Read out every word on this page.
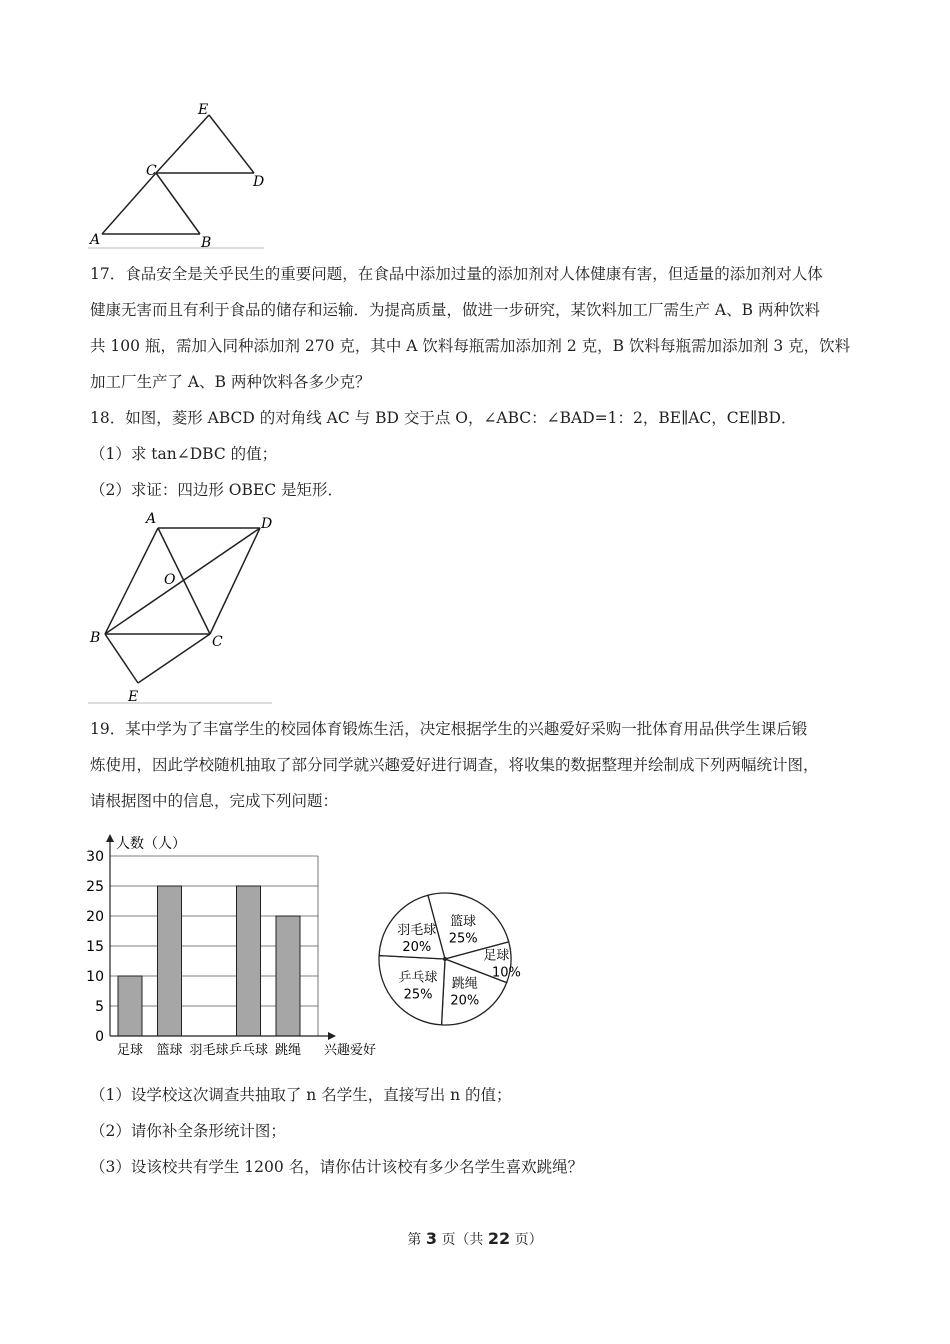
E
C
D
A	B
17．食品安全是关乎民生的重要问题，在食品中添加过量的添加剂对人体健康有害，但适量的添加剂对人体
健康无害而且有利于食品的储存和运输．为提高质量，做进一步研究，某饮料加工厂需生产 A、B 两种饮料
共 100 瓶，需加入同种添加剂 270 克，其中 A 饮料每瓶需加添加剂 2 克，B 饮料每瓶需加添加剂 3 克，饮料
加工厂生产了 A、B 两种饮料各多少克？
18．如图，菱形 ABCD 的对角线 AC 与 BD 交于点 O，∠ABC：∠BAD=1：2，BE∥AC，CE∥BD．
（1）求 tan∠DBC 的值；
（2）求证：四边形 OBEC 是矩形．
A	D
O
B	C
E
19．某中学为了丰富学生的校园体育锻炼生活，决定根据学生的兴趣爱好采购一批体育用品供学生课后锻
炼使用，因此学校随机抽取了部分同学就兴趣爱好进行调查，将收集的数据整理并绘制成下列两幅统计图，
请根据图中的信息，完成下列问题：
人数（人）
0
5
10
15
20
25
30
足球 篮球 羽毛球 乒乓球 跳绳 兴趣爱好
篮球
25%
足球
10%
跳绳
20%
乒乓球
25%
羽毛球
20%
（1）设学校这次调查共抽取了 n 名学生，直接写出 n 的值；
（2）请你补全条形统计图；
（3）设该校共有学生 1200 名，请你估计该校有多少名学生喜欢跳绳？
第 3 页（共 22 页）
